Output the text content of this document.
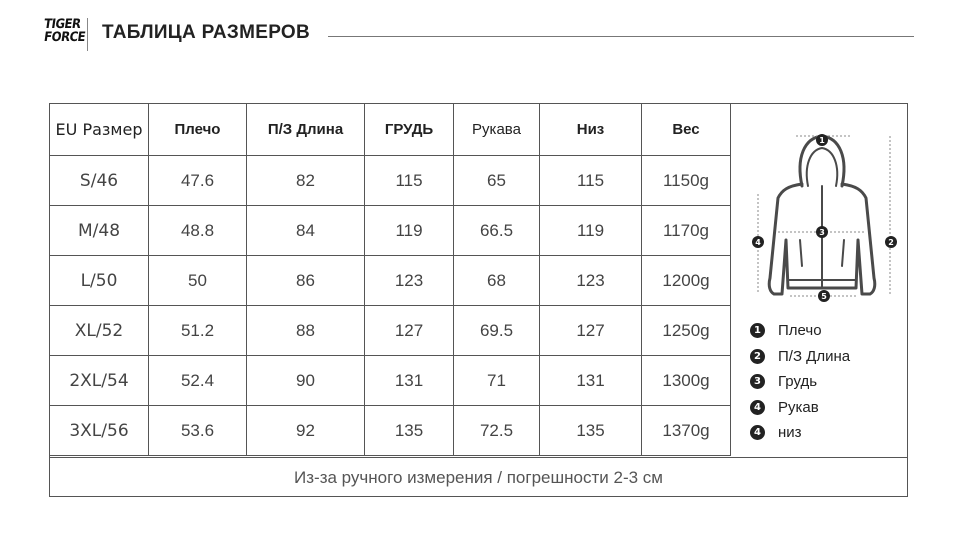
TIGER
FORCE ТАБЛИЦА РАЗМЕРОВ
EU Размер	Плечо	П/З Длина	ГРУДЬ	Рукава	Низ	Вес
S/46	47.6	82	115	65	115	1150g
M/48	48.8	84	119	66.5	119	1170g
L/50	50	86	123	68	123	1200g
XL/52	51.2	88	127	69.5	127	1250g
2XL/54	52.4	90	131	71	131	1300g
3XL/56	53.6	92	135	72.5	135	1370g
1
2
3
4
5
1 Плечо
2 П/З Длина
3 Грудь
4 Рукав
4 низ
Из-за ручного измерения / погрешности 2-3 см
